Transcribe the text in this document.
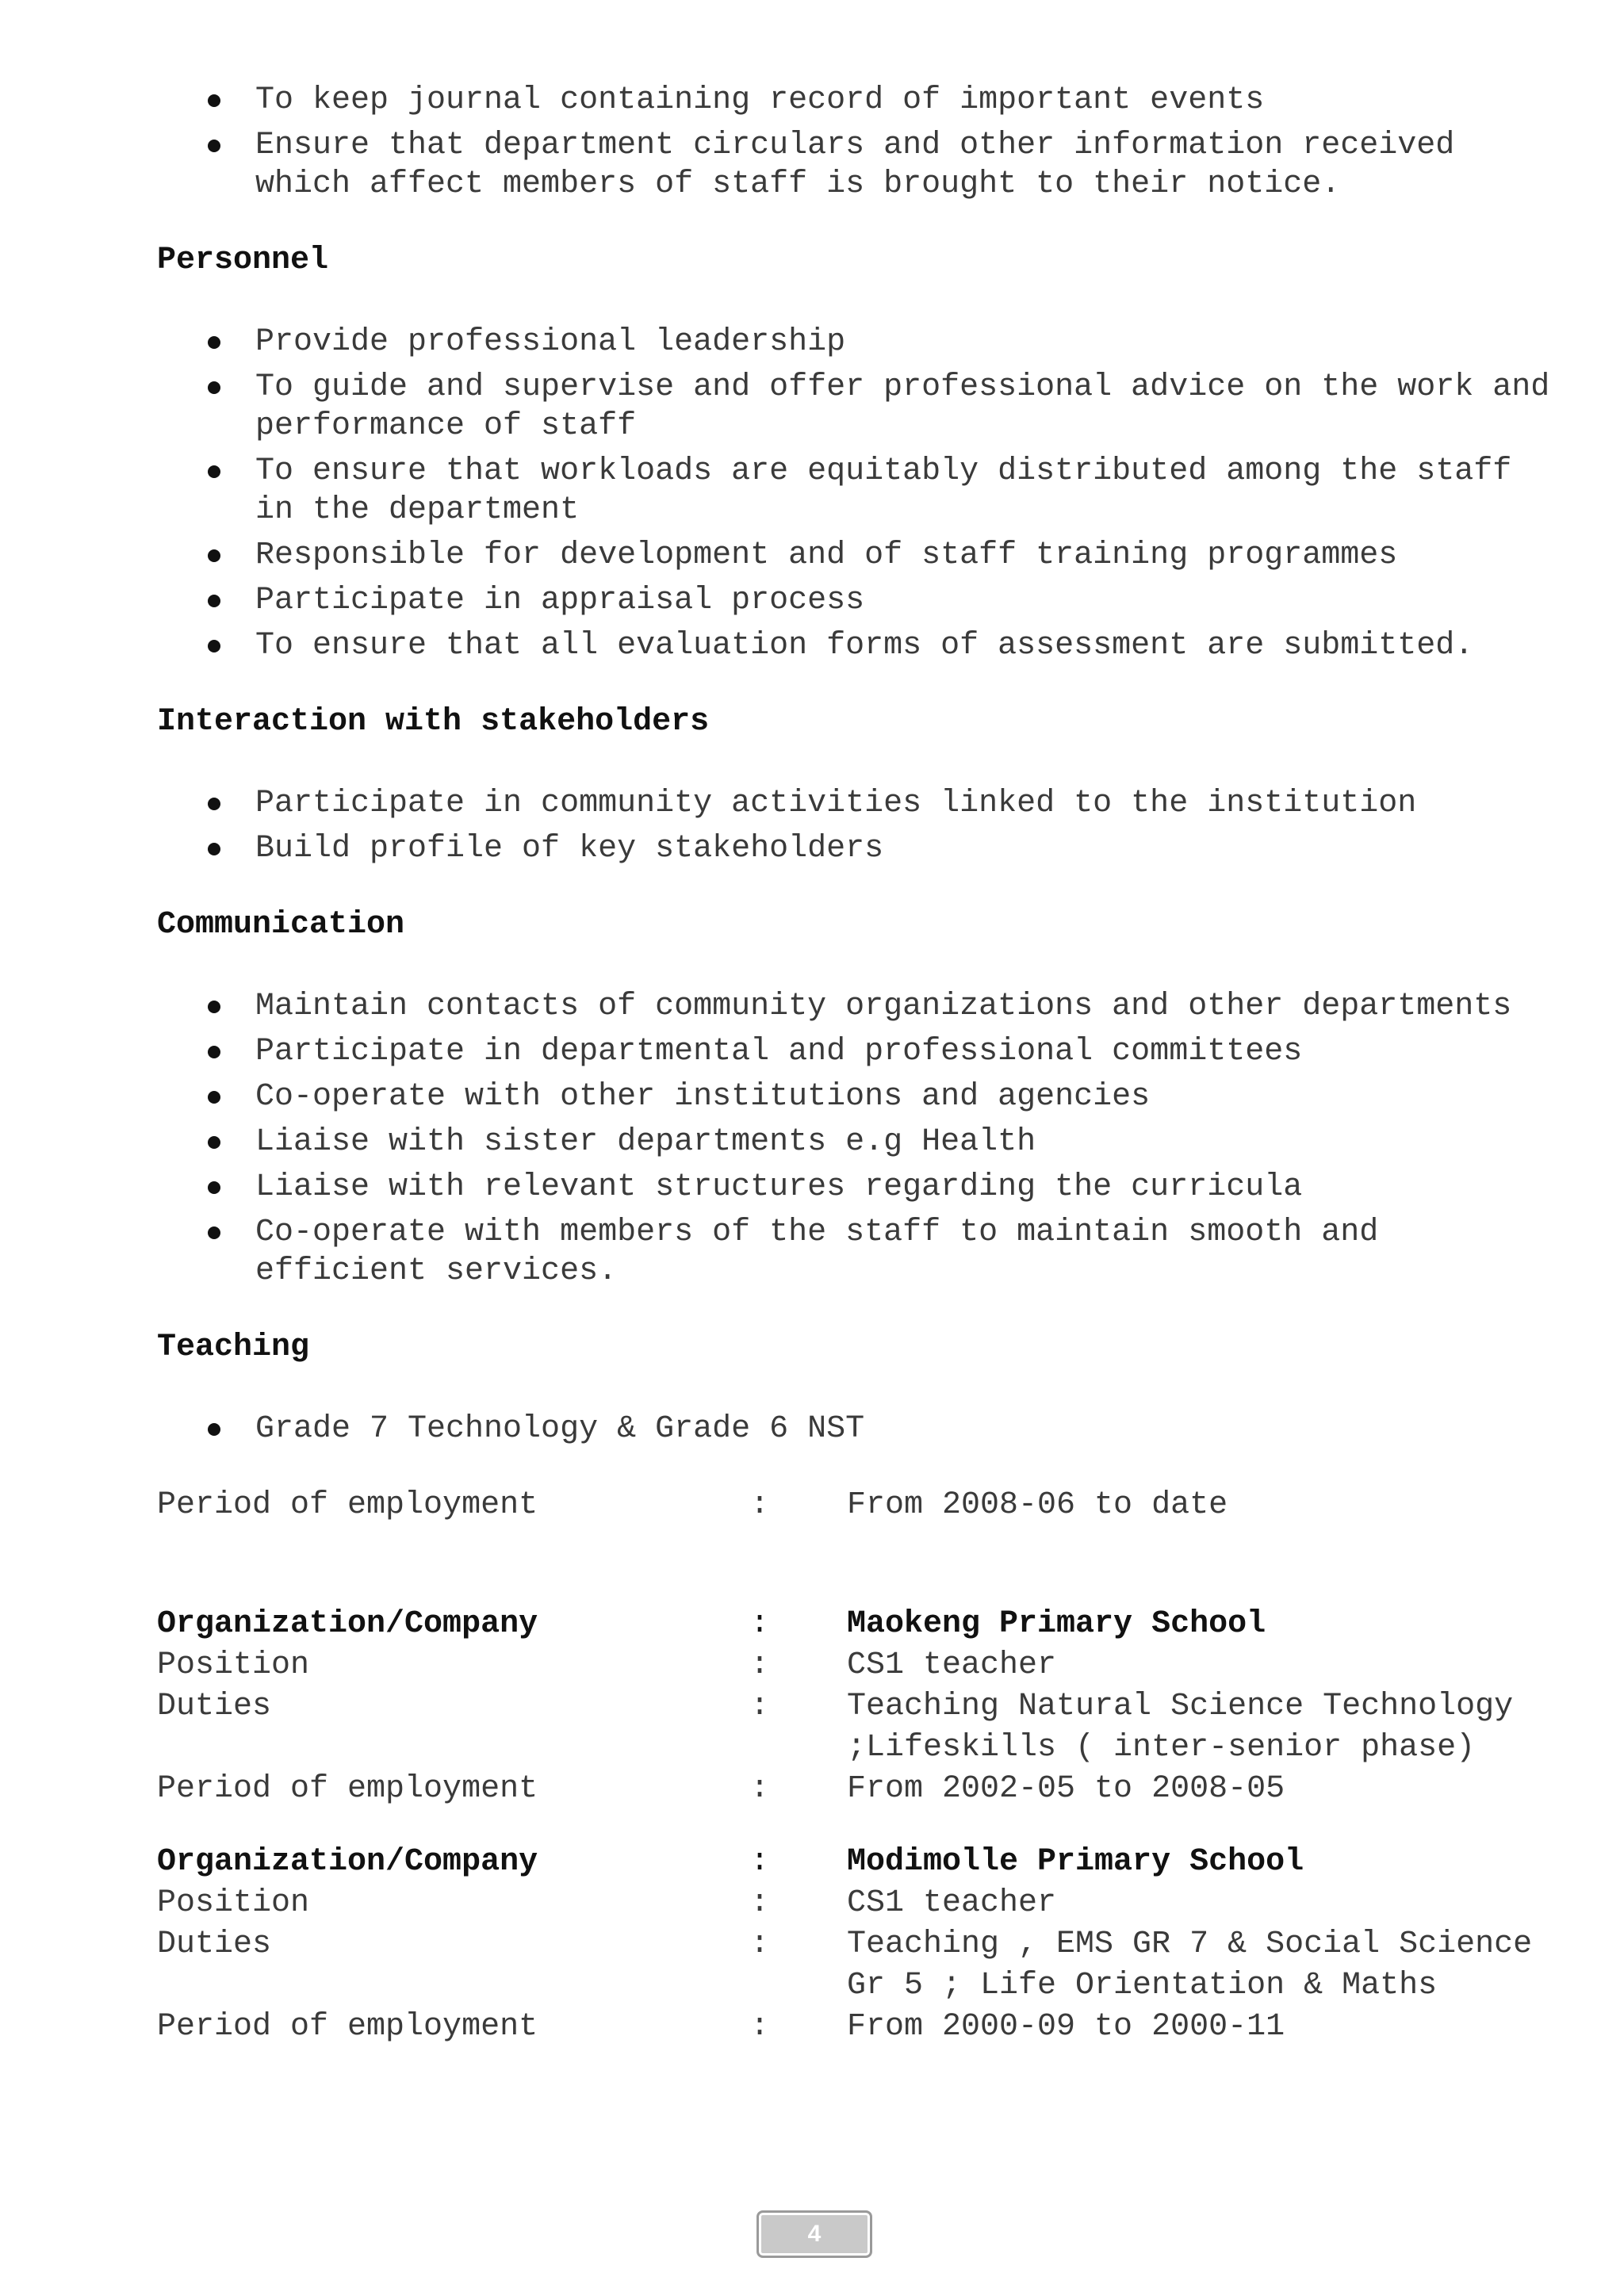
To keep journal containing record of important events
Ensure that department circulars and other information received which affect members of staff is brought to their notice.

Personnel

Provide professional leadership
To guide and supervise and offer professional advice on the work and performance of staff
To ensure that workloads are equitably distributed among the staff in the department
Responsible for development and of staff training programmes
Participate in appraisal process
To ensure that all evaluation forms of assessment are submitted.

Interaction with stakeholders

Participate in community activities linked to the institution
Build profile of key stakeholders

Communication

Maintain contacts of community organizations and other departments
Participate in departmental and professional committees
Co-operate with other institutions and agencies
Liaise with sister departments e.g Health
Liaise with relevant structures regarding the curricula
Co-operate with members of the staff to maintain smooth and efficient services.

Teaching

Grade 7 Technology & Grade 6 NST

Period of employment	:	From 2008-06 to date

Organization/Company	:	Maokeng Primary School

Position	:	CS1 teacher

Duties	:	Teaching Natural Science Technology ;Lifeskills ( inter-senior phase)

Period of employment	:	From 2002-05 to 2008-05

Organization/Company	:	Modimolle Primary School

Position	:	CS1 teacher

Duties	:	Teaching , EMS GR 7 & Social Science Gr 5 ; Life Orientation & Maths

Period of employment	:	From 2000-09 to 2000-11

4
